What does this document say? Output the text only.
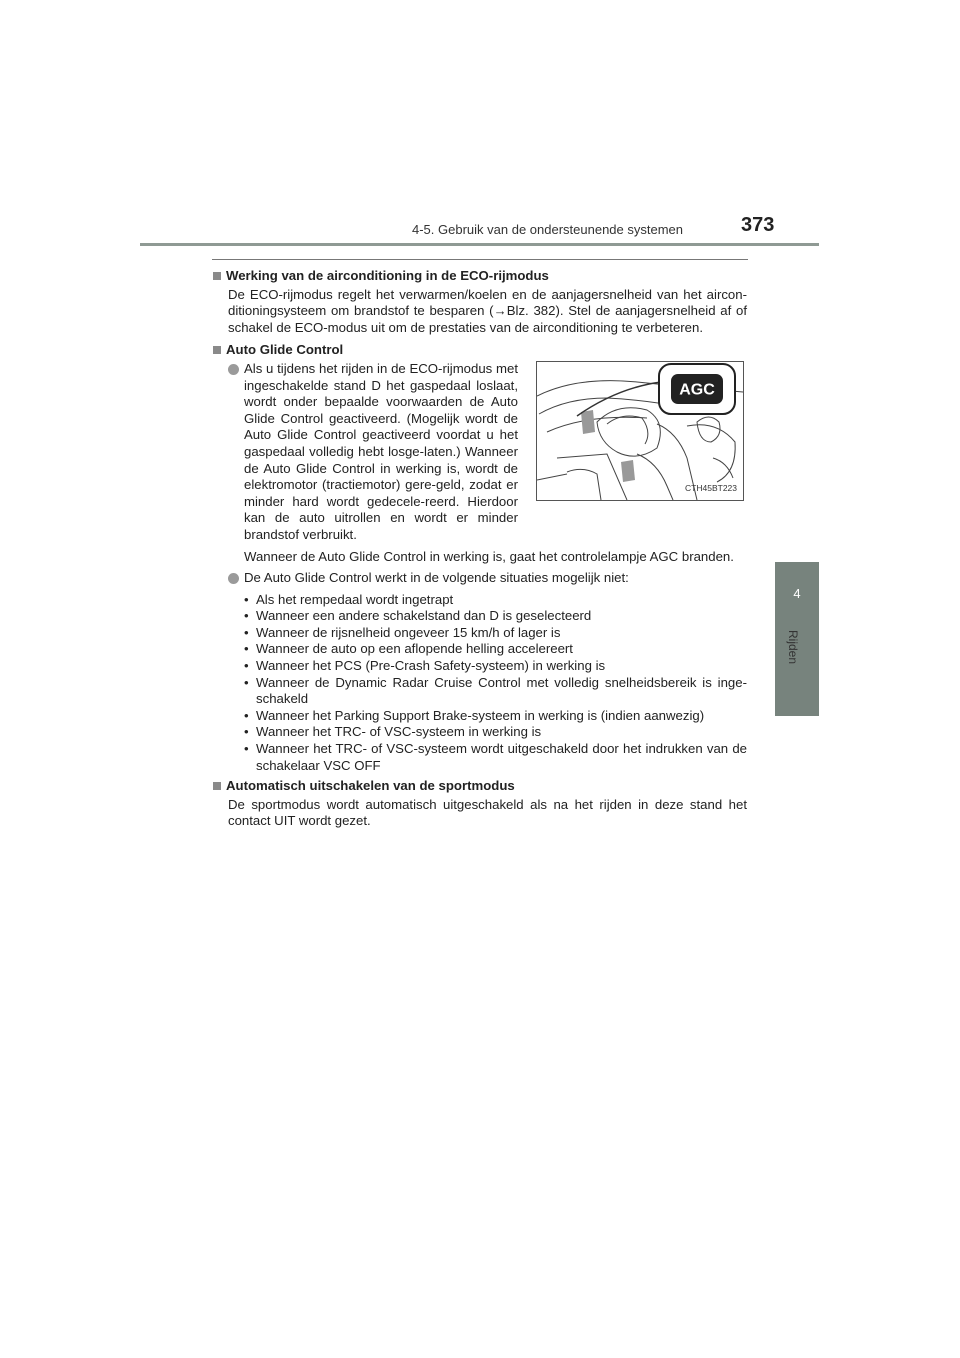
4-5. Gebruik van de ondersteunende systemen	373
4
Rijden
Werking van de airconditioning in de ECO-rijmodus
De ECO-rijmodus regelt het verwarmen/koelen en de aanjagersnelheid van het aircon-ditioningsysteem om brandstof te besparen (→Blz. 382). Stel de aanjagersnelheid af of schakel de ECO-modus uit om de prestaties van de airconditioning te verbeteren.
Auto Glide Control
Als u tijdens het rijden in de ECO-rijmodus met ingeschakelde stand D het gaspedaal loslaat, wordt onder bepaalde voorwaarden de Auto Glide Control geactiveerd. (Mogelijk wordt de Auto Glide Control geactiveerd voordat u het gaspedaal volledig hebt losge-laten.) Wanneer de Auto Glide Control in werking is, wordt de elektromotor (tractiemotor) gere-geld, zodat er minder hard wordt gedecele-reerd. Hierdoor kan de auto uitrollen en wordt er minder brandstof verbruikt.
AGC
CTH45BT223
Wanneer de Auto Glide Control in werking is, gaat het controlelampje AGC branden.
De Auto Glide Control werkt in de volgende situaties mogelijk niet:
• Als het rempedaal wordt ingetrapt
• Wanneer een andere schakelstand dan D is geselecteerd
• Wanneer de rijsnelheid ongeveer 15 km/h of lager is
• Wanneer de auto op een aflopende helling accelereert
• Wanneer het PCS (Pre-Crash Safety-systeem) in werking is
• Wanneer de Dynamic Radar Cruise Control met volledig snelheidsbereik is inge-schakeld
• Wanneer het Parking Support Brake-systeem in werking is (indien aanwezig)
• Wanneer het TRC- of VSC-systeem in werking is
• Wanneer het TRC- of VSC-systeem wordt uitgeschakeld door het indrukken van de schakelaar VSC OFF
Automatisch uitschakelen van de sportmodus
De sportmodus wordt automatisch uitgeschakeld als na het rijden in deze stand het contact UIT wordt gezet.
